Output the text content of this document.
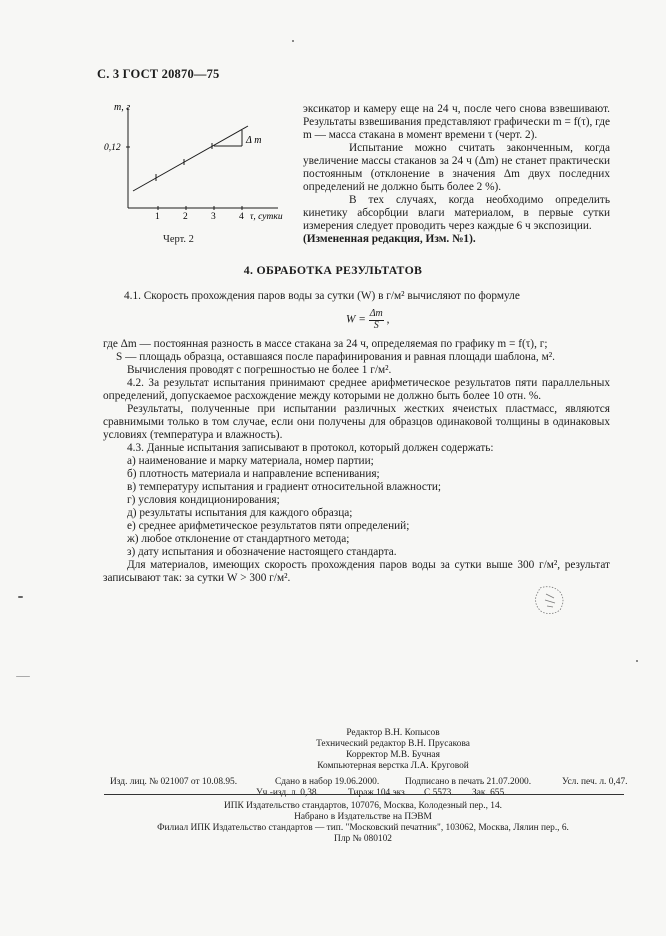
С. 3 ГОСТ 20870—75
m, г
0,12
1 2 3 4 τ, сутки
Δ m
Черт. 2

эксикатор и камеру еще на 24 ч, после чего снова взвешивают. Результаты взвешивания представляют графически m = f(τ), где m — масса стакана в момент времени τ (черт. 2).

Испытание можно считать законченным, когда увеличение массы стаканов за 24 ч (Δm) не станет практически постоянным (отклонение в значения Δm двух последних определений не должно быть более 2 %).

В тех случаях, когда необходимо определить кинетику абсорбции влаги материалом, в первые сутки измерения следует проводить через каждые 6 ч экспозиции.

(Измененная редакция, Изм. №1).

4. ОБРАБОТКА РЕЗУЛЬТАТОВ
4.1. Скорость прохождения паров воды за сутки (W) в г/м² вычисляют по формуле
$W = \frac{\Delta m}{S}$ ,

где Δm — постоянная разность в массе стакана за 24 ч, определяемая по графику m = f(τ), г;

S — площадь образца, оставшаяся после парафинирования и равная площади шаблона, м².

Вычисления проводят с погрешностью не более 1 г/м².

4.2. За результат испытания принимают среднее арифметическое результатов пяти параллельных определений, допускаемое расхождение между которыми не должно быть более 10 отн. %.

Результаты, полученные при испытании различных жестких ячеистых пластмасс, являются сравнимыми только в том случае, если они получены для образцов одинаковой толщины в одинаковых условиях (температура и влажность).

4.3. Данные испытания записывают в протокол, который должен содержать:

а) наименование и марку материала, номер партии;

б) плотность материала и направление вспенивания;

в) температуру испытания и градиент относительной влажности;

г) условия кондиционирования;

д) результаты испытания для каждого образца;

е) среднее арифметическое результатов пяти определений;

ж) любое отклонение от стандартного метода;

з) дату испытания и обозначение настоящего стандарта.

Для материалов, имеющих скорость прохождения паров воды за сутки выше 300 г/м², результат записывают так: за сутки W > 300 г/м².

Редактор В.Н. Копысов
Технический редактор В.Н. Прусакова
Корректор М.В. Бучная
Компьютерная верстка Л.А. Круговой
Изд. лиц. № 021007 от 10.08.95.	Сдано в набор 19.06.2000.	Подписано в печать 21.07.2000.	Усл. печ. л. 0,47.
Уч.-изд. л. 0,38.	Тираж 104 экз. С 5573. Зак. 655.
ИПК Издательство стандартов, 107076, Москва, Колодезный пер., 14.
Набрано в Издательстве на ПЭВМ
Филиал ИПК Издательство стандартов — тип. "Московский печатник", 103062, Москва, Лялин пер., 6.
Плр № 080102
